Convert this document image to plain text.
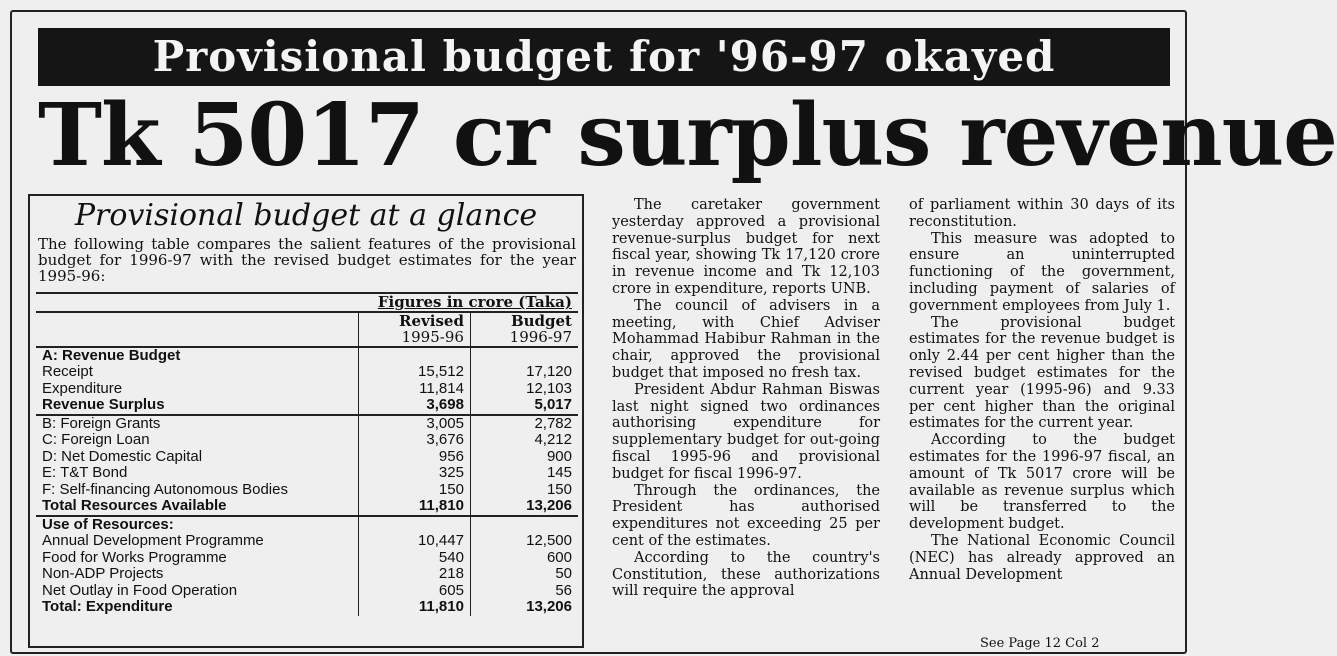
Provisional budget for '96-97 okayed
Tk 5017 cr surplus revenue
Provisional budget at a glance
The following table compares the salient features of the provisional budget for 1996-97 with the revised budget estimates for the year 1995-96:
	Figures in crore (Taka)	
	Revised	Budget
	1995-96	1996-97
A: Revenue Budget		
Receipt	15,512	17,120
Expenditure	11,814	12,103
Revenue Surplus	3,698	5,017
B: Foreign Grants	3,005	2,782
C: Foreign Loan	3,676	4,212
D: Net Domestic Capital	956	900
E: T&T Bond	325	145
F: Self-financing Autonomous Bodies	150	150
Total Resources Available	11,810	13,206
Use of Resources:		
Annual Development Programme	10,447	12,500
Food for Works Programme	540	600
Non-ADP Projects	218	50
Net Outlay in Food Operation	605	56
Total: Expenditure	11,810	13,206

The caretaker government yesterday approved a provisional revenue-surplus budget for next fiscal year, showing Tk 17,120 crore in revenue income and Tk 12,103 crore in expenditure, reports UNB.

The council of advisers in a meeting, with Chief Adviser Mohammad Habibur Rahman in the chair, approved the provisional budget that imposed no fresh tax.

President Abdur Rahman Biswas last night signed two ordinances authorising expenditure for supplementary budget for out-going fiscal 1995-96 and provisional budget for fiscal 1996-97.

Through the ordinances, the President has authorised expenditures not exceeding 25 per cent of the estimates.

According to the country's Constitution, these authorizations will require the approval

of parliament within 30 days of its reconstitution.

This measure was adopted to ensure an uninterrupted functioning of the government, including payment of salaries of government employees from July 1.

The provisional budget estimates for the revenue budget is only 2.44 per cent higher than the revised budget estimates for the current year (1995-96) and 9.33 per cent higher than the original estimates for the current year.

According to the budget estimates for the 1996-97 fiscal, an amount of Tk 5017 crore will be available as revenue surplus which will be transferred to the development budget.

The National Economic Council (NEC) has already approved an Annual Development

See Page 12 Col 2
